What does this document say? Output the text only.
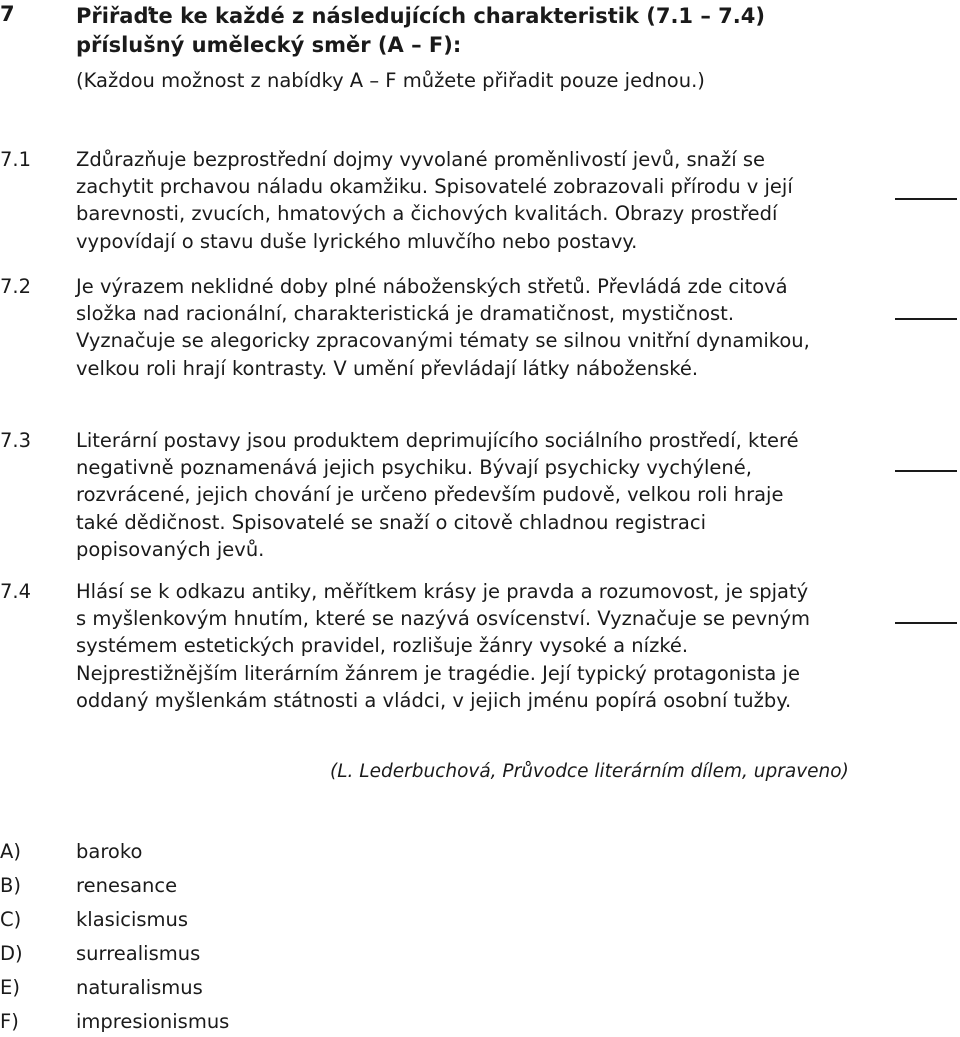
7	Přiřaďte ke každé z následujících charakteristik (7.1 – 7.4) příslušný umělecký směr (A – F):
(Každou možnost z nabídky A – F můžete přiřadit pouze jednou.)
7.1	Zdůrazňuje bezprostřední dojmy vyvolané proměnlivostí jevů, snaží se zachytit prchavou náladu okamžiku. Spisovatelé zobrazovali přírodu v její barevnosti, zvucích, hmatových a čichových kvalitách. Obrazy prostředí vypovídají o stavu duše lyrického mluvčího nebo postavy.
7.2	Je výrazem neklidné doby plné náboženských střetů. Převládá zde citová složka nad racionální, charakteristická je dramatičnost, mystičnost. Vyznačuje se alegoricky zpracovanými tématy se silnou vnitřní dynamikou, velkou roli hrají kontrasty. V umění převládají látky náboženské.
7.3	Literární postavy jsou produktem deprimujícího sociálního prostředí, které negativně poznamenává jejich psychiku. Bývají psychicky vychýlené, rozvrácené, jejich chování je určeno především pudově, velkou roli hraje také dědičnost. Spisovatelé se snaží o citově chladnou registraci popisovaných jevů.
7.4	Hlásí se k odkazu antiky, měřítkem krásy je pravda a rozumovost, je spjatý s myšlenkovým hnutím, které se nazývá osvícenství. Vyznačuje se pevným systémem estetických pravidel, rozlišuje žánry vysoké a nízké. Nejprestižnějším literárním žánrem je tragédie. Její typický protagonista je oddaný myšlenkám státnosti a vládci, v jejich jménu popírá osobní tužby.
(L. Lederbuchová, Průvodce literárním dílem, upraveno)
A)	baroko
B)	renesance
C)	klasicismus
D)	surrealismus
E)	naturalismus
F)	impresionismus
